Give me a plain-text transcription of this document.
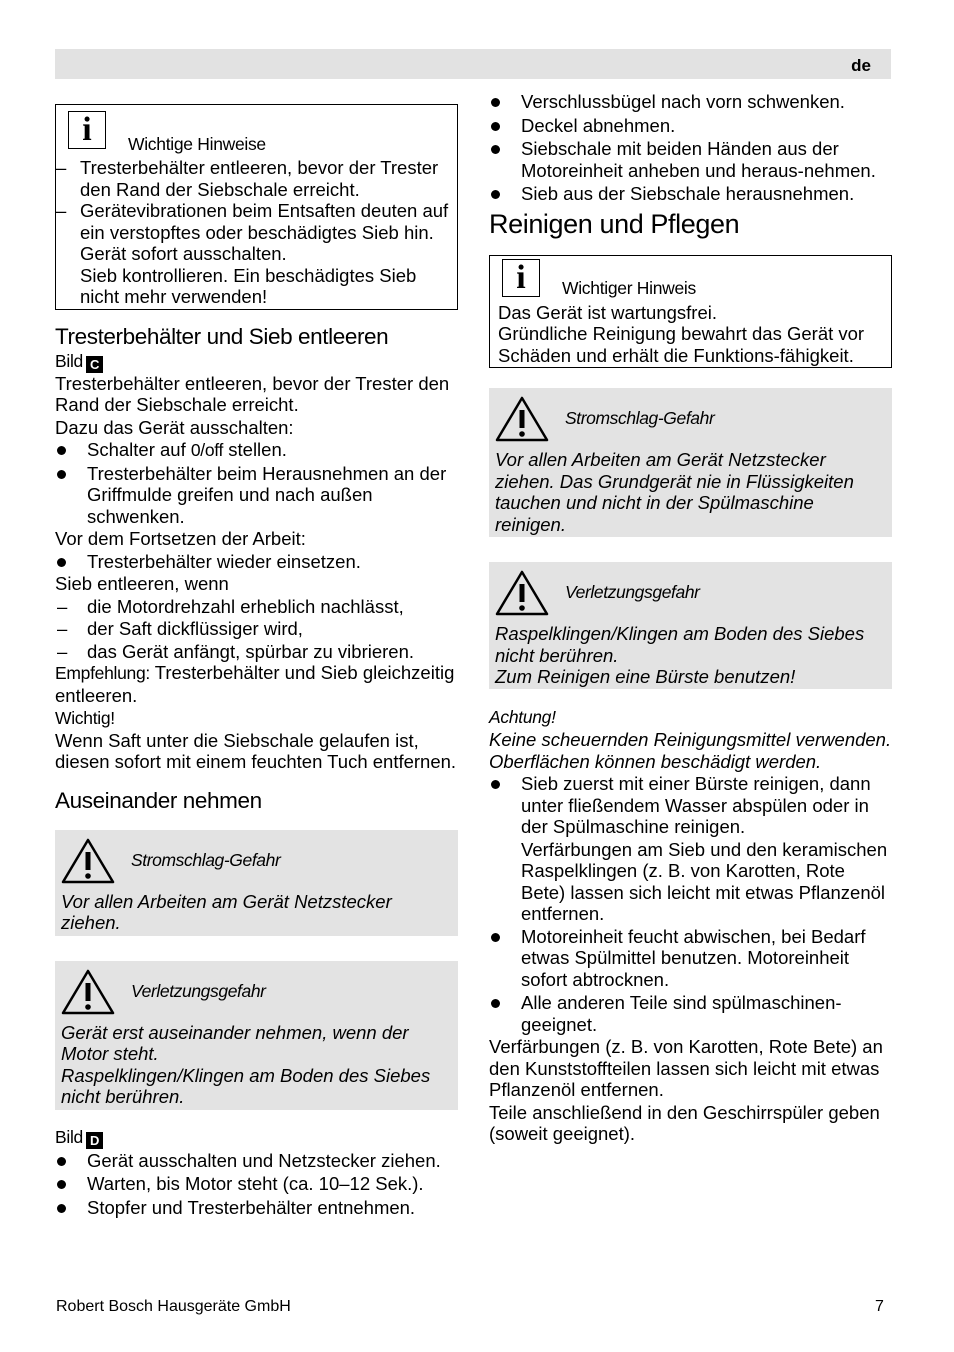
de
i	Wichtige Hinweise
– Tresterbehälter entleeren, bevor der Trester den Rand der Siebschale erreicht.
– Gerätevibrationen beim Entsaften deuten auf ein verstopftes oder beschädigtes Sieb hin. Gerät sofort ausschalten.
Sieb kontrollieren. Ein beschädigtes Sieb nicht mehr verwenden!
Tresterbehälter und Sieb entleeren
Bild C

Tresterbehälter entleeren, bevor der Trester den Rand der Siebschale erreicht.

Dazu das Gerät ausschalten:

Schalter auf 0/off stellen.
Tresterbehälter beim Herausnehmen an der Griffmulde greifen und nach außen schwenken.

Vor dem Fortsetzen der Arbeit:

Tresterbehälter wieder einsetzen.

Sieb entleeren, wenn

– die Motordrehzahl erheblich nachlässt,
– der Saft dickflüssiger wird,
– das Gerät anfängt, spürbar zu vibrieren.

Empfehlung: Tresterbehälter und Sieb gleichzeitig entleeren.

Wichtig!

Wenn Saft unter die Siebschale gelaufen ist, diesen sofort mit einem feuchten Tuch entfernen.

Auseinander nehmen
Stromschlag-Gefahr
Vor allen Arbeiten am Gerät Netzstecker ziehen.
Verletzungsgefahr
Gerät erst auseinander nehmen, wenn der Motor steht.
Raspelklingen/Klingen am Boden des Siebes nicht berühren.
Bild D
Gerät ausschalten und Netzstecker ziehen.
Warten, bis Motor steht (ca. 10–12 Sek.).
Stopfer und Tresterbehälter entnehmen.
Verschlussbügel nach vorn schwenken.
Deckel abnehmen.
Siebschale mit beiden Händen aus der Motoreinheit anheben und heraus-nehmen.
Sieb aus der Siebschale herausnehmen.
Reinigen und Pflegen
i	Wichtiger Hinweis
Das Gerät ist wartungsfrei.
Gründliche Reinigung bewahrt das Gerät vor Schäden und erhält die Funktions-fähigkeit.
Stromschlag-Gefahr
Vor allen Arbeiten am Gerät Netzstecker ziehen. Das Grundgerät nie in Flüssigkeiten tauchen und nicht in der Spülmaschine reinigen.
Verletzungsgefahr
Raspelklingen/Klingen am Boden des Siebes nicht berühren.
Zum Reinigen eine Bürste benutzen!

Achtung!

Keine scheuernden Reinigungsmittel verwenden. Oberflächen können beschädigt werden.

Sieb zuerst mit einer Bürste reinigen, dann unter fließendem Wasser abspülen oder in der Spülmaschine reinigen.
Verfärbungen am Sieb und den keramischen Raspelklingen (z. B. von Karotten, Rote Bete) lassen sich leicht mit etwas Pflanzenöl entfernen.
Motoreinheit feucht abwischen, bei Bedarf etwas Spülmittel benutzen. Motoreinheit sofort abtrocknen.
Alle anderen Teile sind spülmaschinen-geeignet.

Verfärbungen (z. B. von Karotten, Rote Bete) an den Kunststoffteilen lassen sich leicht mit etwas Pflanzenöl entfernen.

Teile anschließend in den Geschirrspüler geben (soweit geeignet).

Robert Bosch Hausgeräte GmbH	7
